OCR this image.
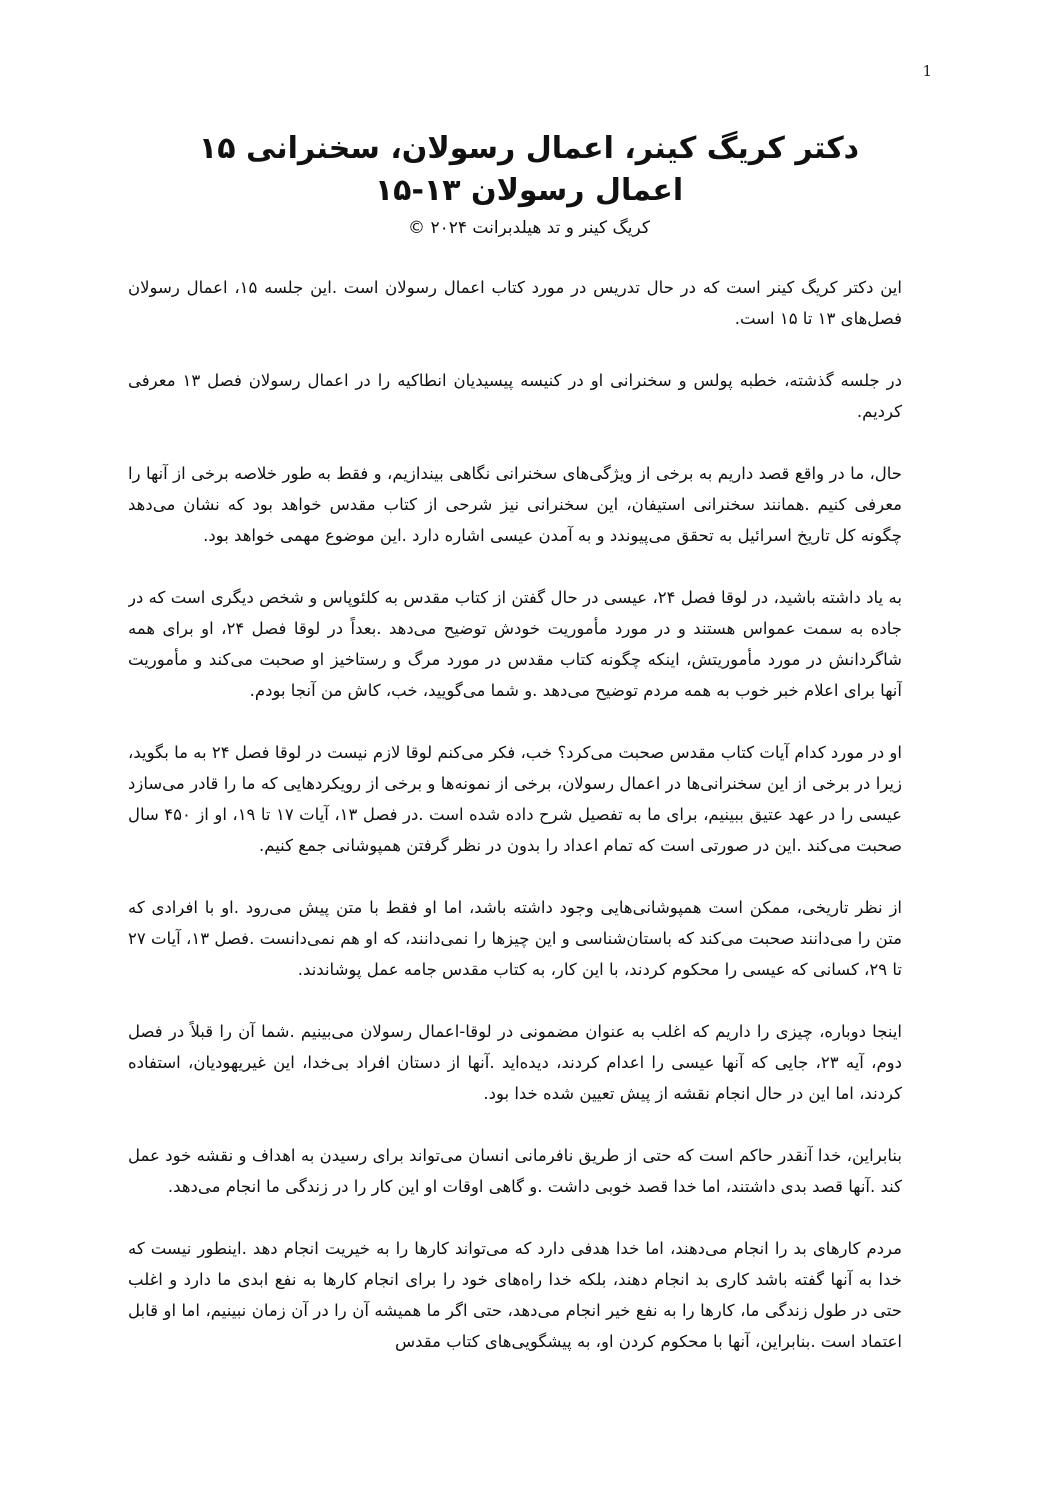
1
دکتر کریگ کینر، اعمال رسولان، سخنرانی ۱۵
اعمال رسولان ۱۳-۱۵
کریگ کینر و تد هیلدبرانت ۲۰۲۴ ©

این دکتر کریگ کینر است که در حال تدریس در مورد کتاب اعمال رسولان است .این جلسه ۱۵، اعمال رسولان فصل‌های ۱۳ تا ۱۵ است.

در جلسه گذشته، خطبه پولس و سخنرانی او در کنیسه پیسیدیان انطاکیه را در اعمال رسولان فصل ۱۳ معرفی کردیم.

حال، ما در واقع قصد داریم به برخی از ویژگی‌های سخنرانی نگاهی بیندازیم، و فقط به طور خلاصه برخی از آنها را معرفی کنیم .همانند سخنرانی استیفان، این سخنرانی نیز شرحی از کتاب مقدس خواهد بود که نشان می‌دهد چگونه کل تاریخ اسرائیل به تحقق می‌پیوندد و به آمدن عیسی اشاره دارد .این موضوع مهمی خواهد بود.

به یاد داشته باشید، در لوقا فصل ۲۴، عیسی در حال گفتن از کتاب مقدس به کلئوپاس و شخص دیگری است که در جاده به سمت عمواس هستند و در مورد مأموریت خودش توضیح می‌دهد .بعداً در لوقا فصل ۲۴، او برای همه شاگردانش در مورد مأموریتش، اینکه چگونه کتاب مقدس در مورد مرگ و رستاخیز او صحبت می‌کند و مأموریت آنها برای اعلام خبر خوب به همه مردم توضیح می‌دهد .و شما می‌گویید، خب، کاش من آنجا بودم.

او در مورد کدام آیات کتاب مقدس صحبت می‌کرد؟ خب، فکر می‌کنم لوقا لازم نیست در لوقا فصل ۲۴ به ما بگوید، زیرا در برخی از این سخنرانی‌ها در اعمال رسولان، برخی از نمونه‌ها و برخی از رویکردهایی که ما را قادر می‌سازد عیسی را در عهد عتیق ببینیم، برای ما به تفصیل شرح داده شده است .در فصل ۱۳، آیات ۱۷ تا ۱۹، او از ۴۵۰ سال صحبت می‌کند .این در صورتی است که تمام اعداد را بدون در نظر گرفتن همپوشانی جمع کنیم.

از نظر تاریخی، ممکن است همپوشانی‌هایی وجود داشته باشد، اما او فقط با متن پیش می‌رود .او با افرادی که متن را می‌دانند صحبت می‌کند که باستان‌شناسی و این چیزها را نمی‌دانند، که او هم نمی‌دانست .فصل ۱۳، آیات ۲۷ تا ۲۹، کسانی که عیسی را محکوم کردند، با این کار، به کتاب مقدس جامه عمل پوشاندند.

اینجا دوباره، چیزی را داریم که اغلب به عنوان مضمونی در لوقا-اعمال رسولان می‌بینیم .شما آن را قبلاً در فصل دوم، آیه ۲۳، جایی که آنها عیسی را اعدام کردند، دیده‌اید .آنها از دستان افراد بی‌خدا، این غیریهودیان، استفاده کردند، اما این در حال انجام نقشه از پیش تعیین شده خدا بود.

بنابراین، خدا آنقدر حاکم است که حتی از طریق نافرمانی انسان می‌تواند برای رسیدن به اهداف و نقشه خود عمل کند .آنها قصد بدی داشتند، اما خدا قصد خوبی داشت .و گاهی اوقات او این کار را در زندگی ما انجام می‌دهد.

مردم کارهای بد را انجام می‌دهند، اما خدا هدفی دارد که می‌تواند کارها را به خیریت انجام دهد .اینطور نیست که خدا به آنها گفته باشد کاری بد انجام دهند، بلکه خدا راه‌های خود را برای انجام کارها به نفع ابدی ما دارد و اغلب حتی در طول زندگی ما، کارها را به نفع خیر انجام می‌دهد، حتی اگر ما همیشه آن را در آن زمان نبینیم، اما او قابل اعتماد است .بنابراین، آنها با محکوم کردن او، به پیشگویی‌های کتاب مقدس
